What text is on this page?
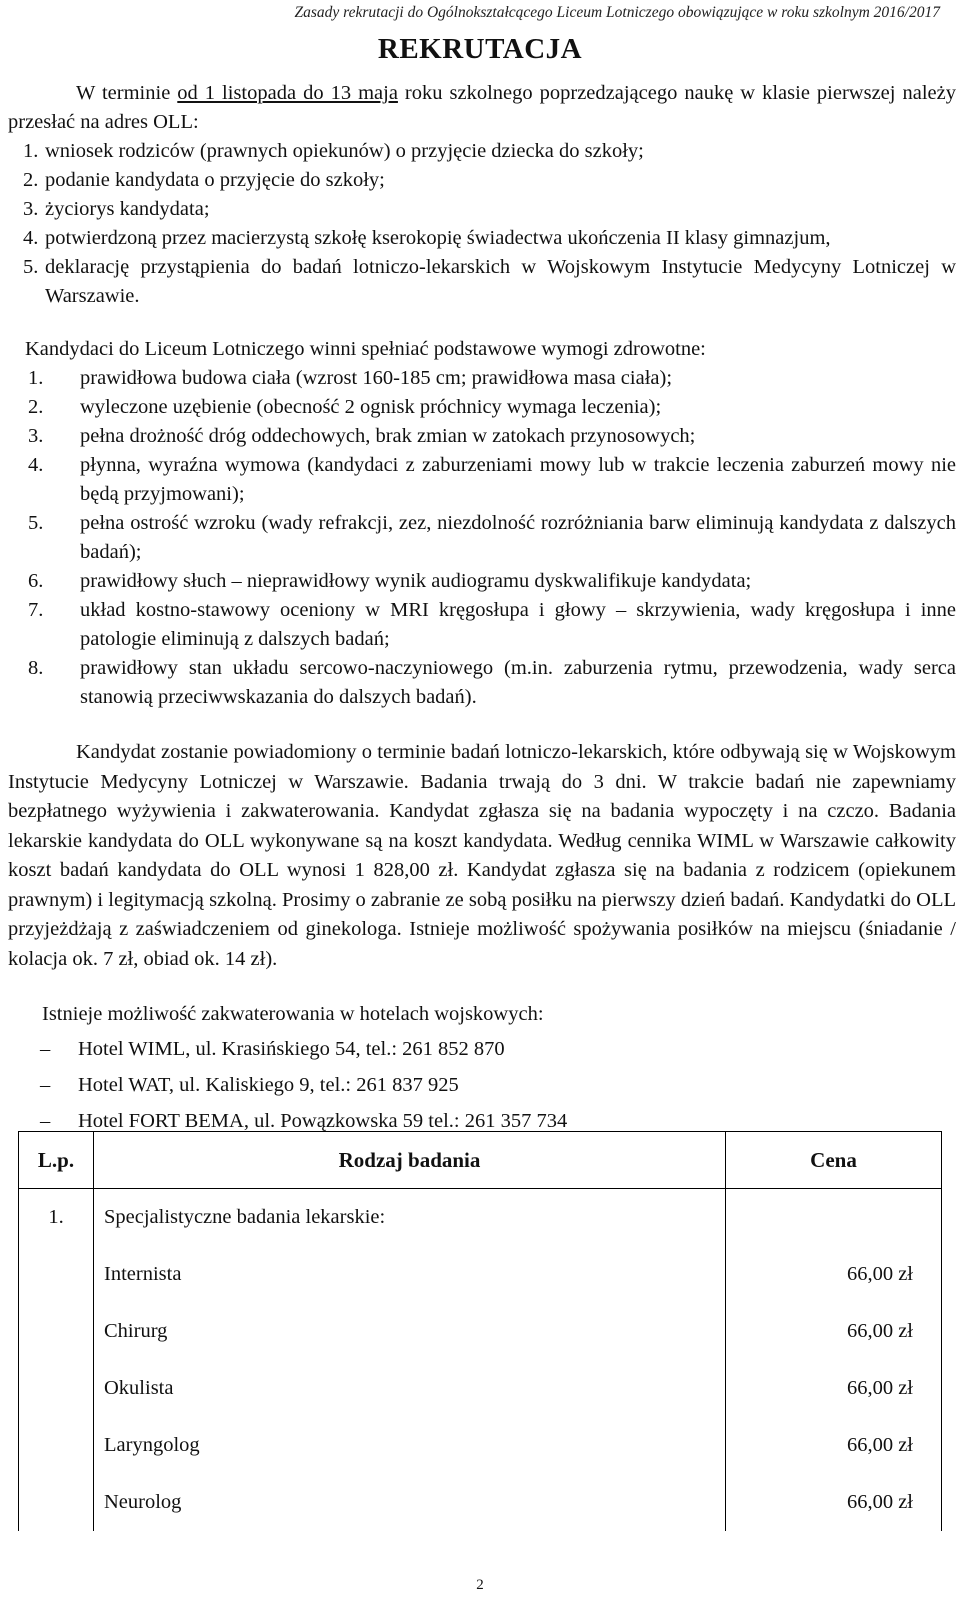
Zasady rekrutacji do Ogólnokształcącego Liceum Lotniczego obowiązujące w roku szkolnym 2016/2017
REKRUTACJA
W terminie od 1 listopada do 13 maja roku szkolnego poprzedzającego naukę w klasie pierwszej należy przesłać na adres OLL:
1. wniosek rodziców (prawnych opiekunów) o przyjęcie dziecka do szkoły;
2. podanie kandydata o przyjęcie do szkoły;
3. życiorys kandydata;
4. potwierdzoną przez macierzystą szkołę kserokopię świadectwa ukończenia II klasy gimnazjum,
5. deklarację przystąpienia do badań lotniczo-lekarskich w Wojskowym Instytucie Medycyny Lotniczej w Warszawie.
Kandydaci do Liceum Lotniczego winni spełniać podstawowe wymogi zdrowotne:
1. prawidłowa budowa ciała (wzrost 160-185 cm; prawidłowa masa ciała);
2. wyleczone uzębienie (obecność 2 ognisk próchnicy wymaga leczenia);
3. pełna drożność dróg oddechowych, brak zmian w zatokach przynosowych;
4. płynna, wyraźna wymowa (kandydaci z zaburzeniami mowy lub w trakcie leczenia zaburzeń mowy nie będą przyjmowani);
5. pełna ostrość wzroku (wady refrakcji, zez, niezdolność rozróżniania barw eliminują kandydata z dalszych badań);
6. prawidłowy słuch – nieprawidłowy wynik audiogramu dyskwalifikuje kandydata;
7. układ kostno-stawowy oceniony w MRI kręgosłupa i głowy – skrzywienia, wady kręgosłupa i inne patologie eliminują z dalszych badań;
8. prawidłowy stan układu sercowo-naczyniowego (m.in. zaburzenia rytmu, przewodzenia, wady serca stanowią przeciwwskazania do dalszych badań).
Kandydat zostanie powiadomiony o terminie badań lotniczo-lekarskich, które odbywają się w Wojskowym Instytucie Medycyny Lotniczej w Warszawie. Badania trwają do 3 dni. W trakcie badań nie zapewniamy bezpłatnego wyżywienia i zakwaterowania. Kandydat zgłasza się na badania wypoczęty i na czczo. Badania lekarskie kandydata do OLL wykonywane są na koszt kandydata. Według cennika WIML w Warszawie całkowity koszt badań kandydata do OLL wynosi 1 828,00 zł. Kandydat zgłasza się na badania z rodzicem (opiekunem prawnym) i legitymacją szkolną. Prosimy o zabranie ze sobą posiłku na pierwszy dzień badań. Kandydatki do OLL przyjeżdżają z zaświadczeniem od ginekologa. Istnieje możliwość spożywania posiłków na miejscu (śniadanie / kolacja ok. 7 zł, obiad ok. 14 zł).
Istnieje możliwość zakwaterowania w hotelach wojskowych:
– Hotel WIML, ul. Krasińskiego 54, tel.: 261 852 870
– Hotel WAT, ul. Kaliskiego 9, tel.: 261 837 925
– Hotel FORT BEMA, ul. Powązkowska 59 tel.: 261 357 734
L.p.	Rodzaj badania	Cena
1.	Specjalistyczne badania lekarskie:	
	Internista	66,00 zł
	Chirurg	66,00 zł
	Okulista	66,00 zł
	Laryngolog	66,00 zł
	Neurolog	66,00 zł
2
